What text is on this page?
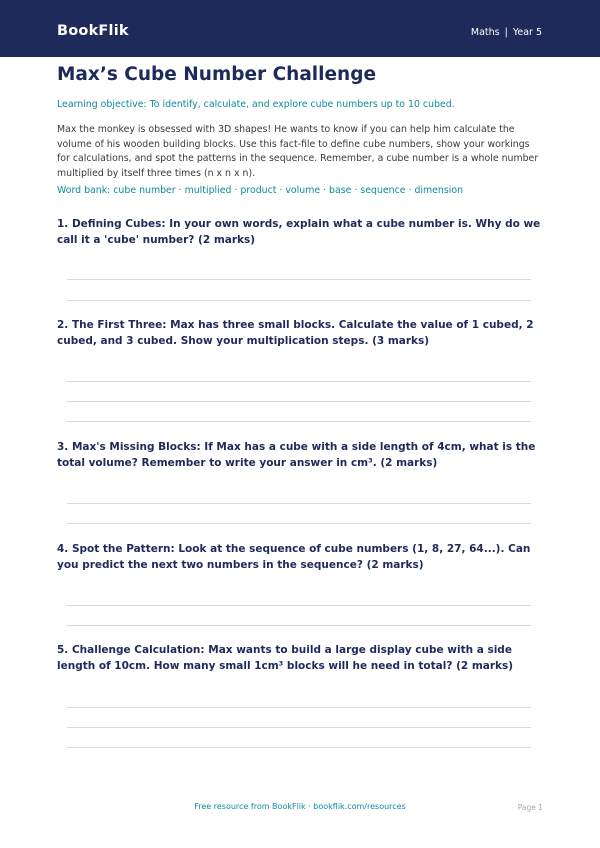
BookFlik	Maths | Year 5
Max’s Cube Number Challenge

Learning objective: To identify, calculate, and explore cube numbers up to 10 cubed.

Max the monkey is obsessed with 3D shapes! He wants to know if you can help him calculate the volume of his wooden building blocks. Use this fact-file to define cube numbers, show your workings for calculations, and spot the patterns in the sequence. Remember, a cube number is a whole number multiplied by itself three times (n x n x n).

Word bank: cube number · multiplied · product · volume · base · sequence · dimension

1. Defining Cubes: In your own words, explain what a cube number is. Why do we call it a 'cube' number? (2 marks)

2. The First Three: Max has three small blocks. Calculate the value of 1 cubed, 2 cubed, and 3 cubed. Show your multiplication steps. (3 marks)

3. Max's Missing Blocks: If Max has a cube with a side length of 4cm, what is the total volume? Remember to write your answer in cm³. (2 marks)

4. Spot the Pattern: Look at the sequence of cube numbers (1, 8, 27, 64...). Can you predict the next two numbers in the sequence? (2 marks)

5. Challenge Calculation: Max wants to build a large display cube with a side length of 10cm. How many small 1cm³ blocks will he need in total? (2 marks)

Free resource from BookFlik · bookflik.com/resources	Page 1
